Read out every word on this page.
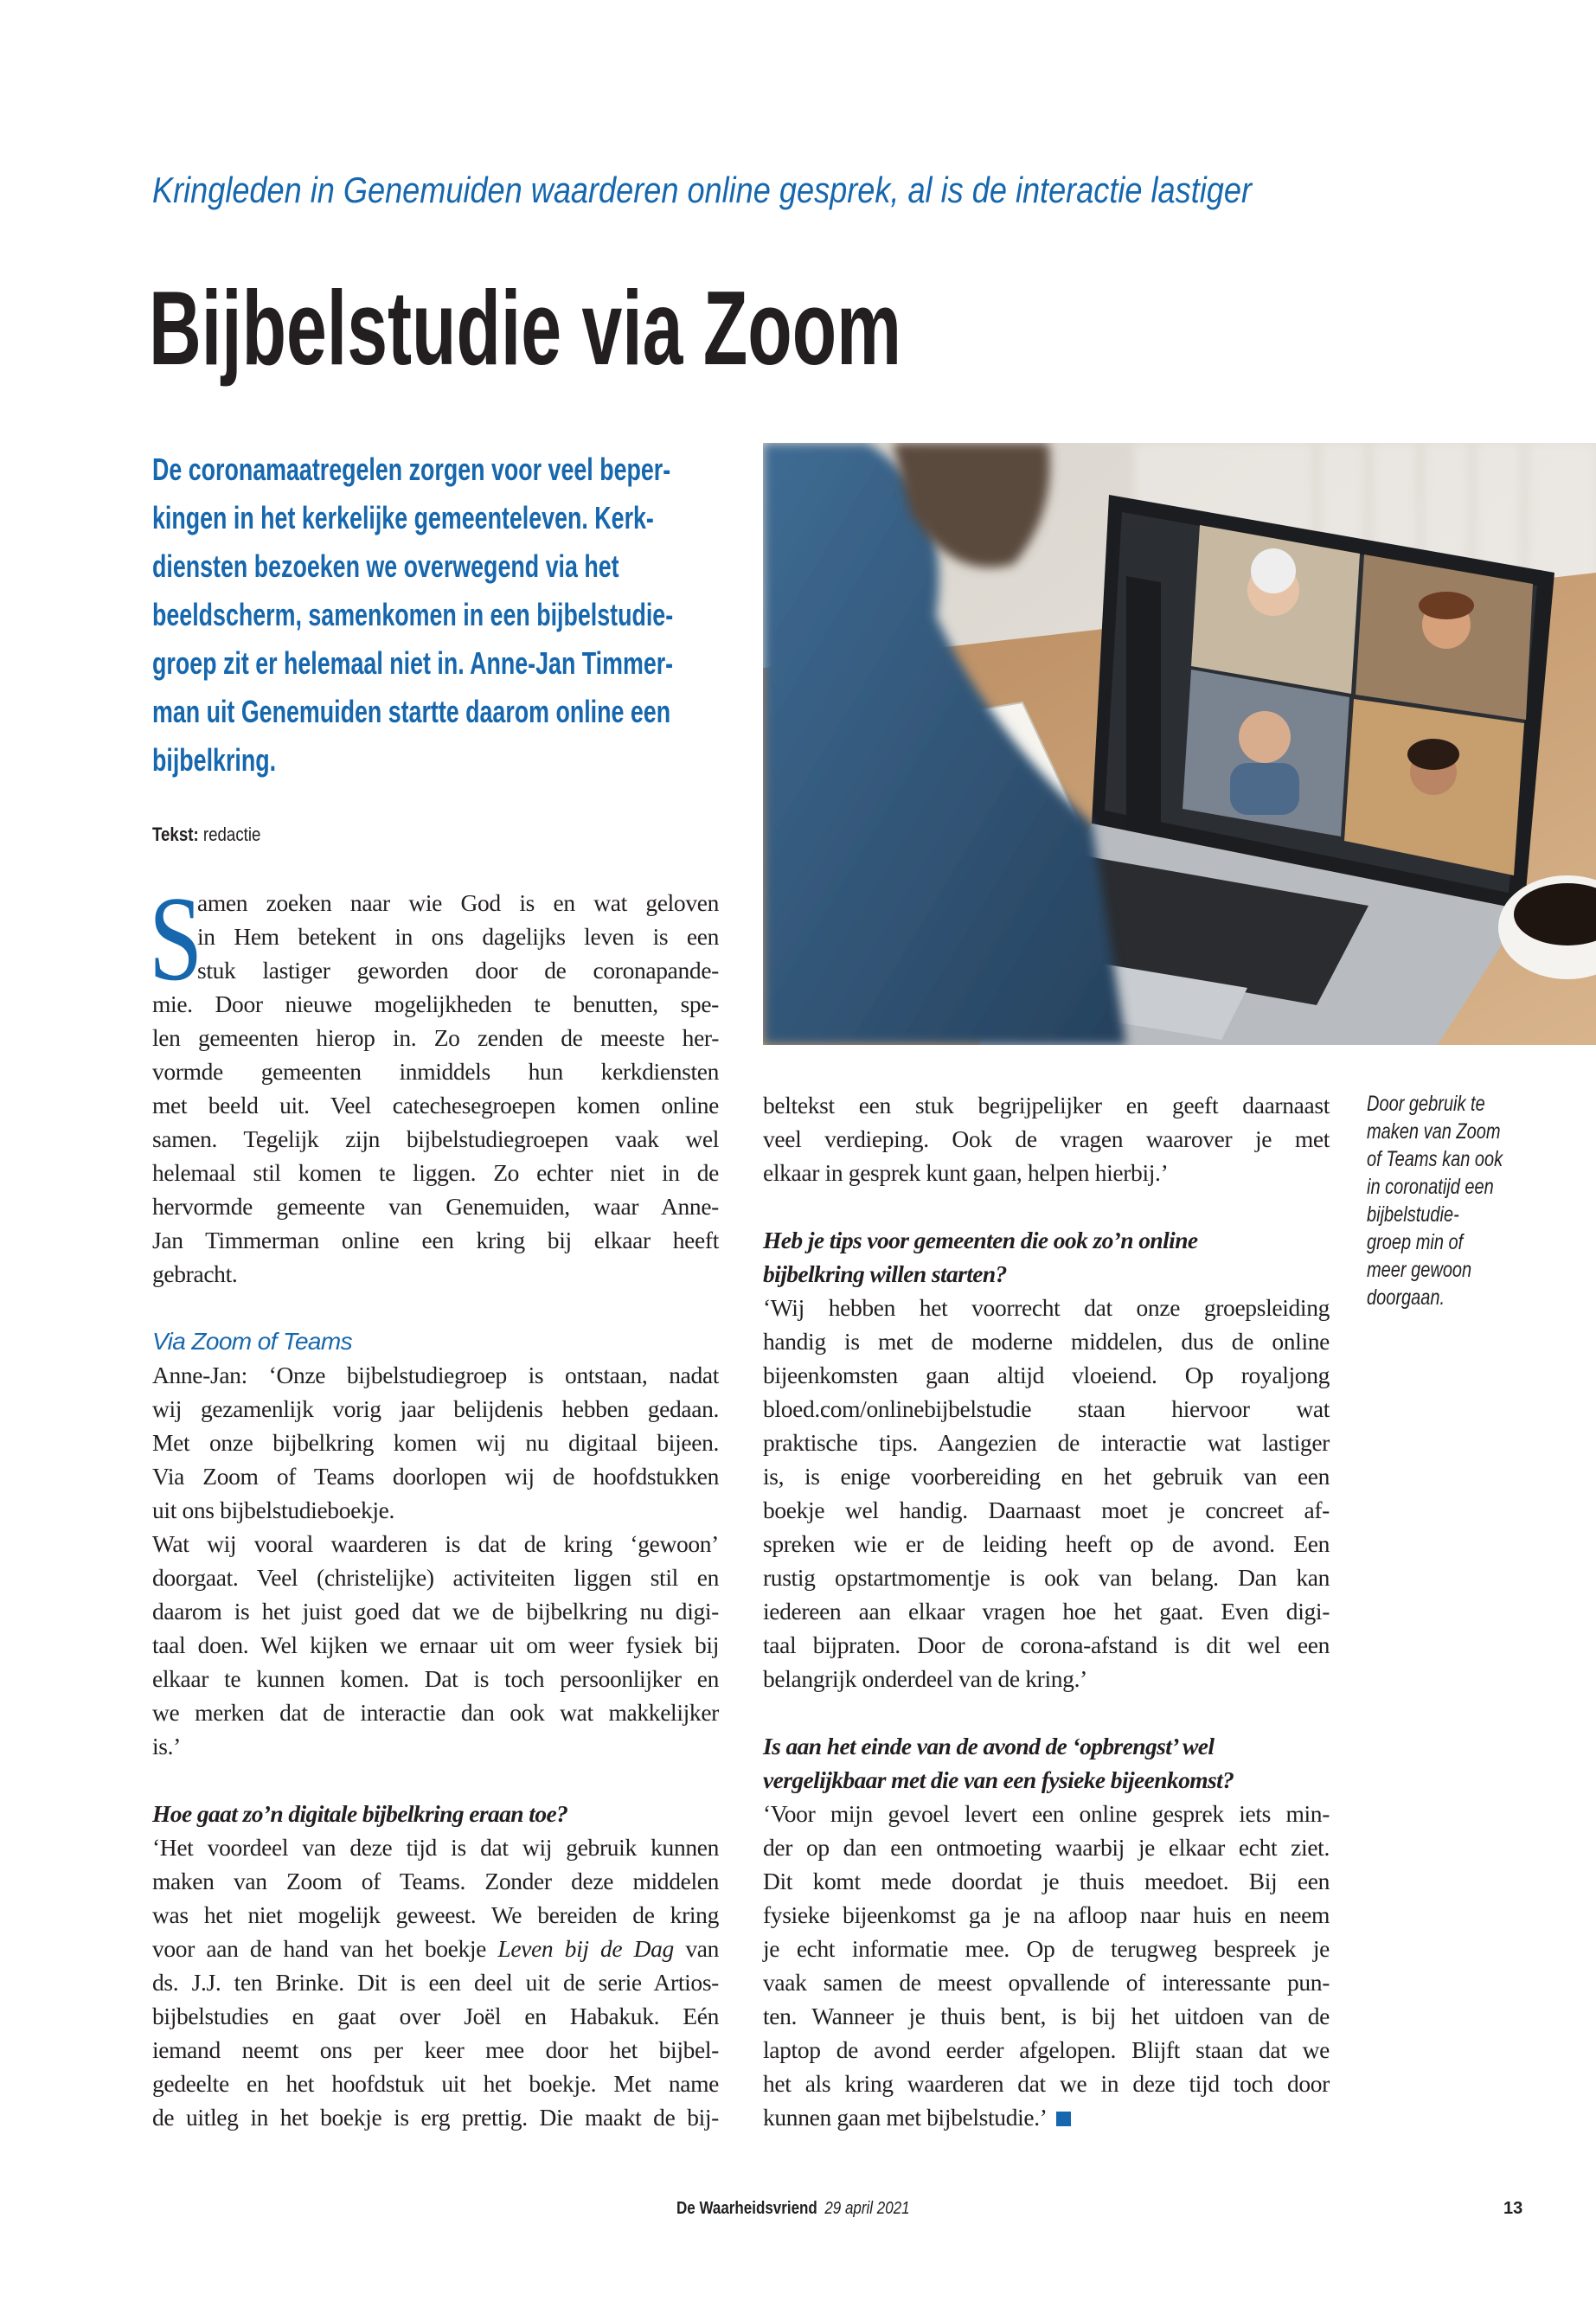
Kringleden in Genemuiden waarderen online gesprek, al is de interactie lastiger
Bijbelstudie via Zoom
De coronamaatregelen zorgen voor veel beper-
kingen in het kerkelijke gemeenteleven. Kerk-
diensten bezoeken we overwegend via het
beeldscherm, samenkomen in een bijbelstudie-
groep zit er helemaal niet in. Anne-Jan Timmer-
man uit Genemuiden startte daarom online een
bijbelkring.
Tekst: redactie
S
amen zoeken naar wie God is en wat geloven
in Hem betekent in ons dagelijks leven is een
stuk lastiger geworden door de coronapande-
mie. Door nieuwe mogelijkheden te benutten, spe-
len gemeenten hierop in. Zo zenden de meeste her-
vormde gemeenten inmiddels hun kerkdiensten
met beeld uit. Veel catechesegroepen komen online
samen. Tegelijk zijn bijbelstudiegroepen vaak wel
helemaal stil komen te liggen. Zo echter niet in de
hervormde gemeente van Genemuiden, waar Anne-
Jan Timmerman online een kring bij elkaar heeft
gebracht.
Via Zoom of Teams
Anne-Jan: ‘Onze bijbelstudiegroep is ontstaan, nadat
wij gezamenlijk vorig jaar belijdenis hebben gedaan.
Met onze bijbelkring komen wij nu digitaal bijeen.
Via Zoom of Teams doorlopen wij de hoofdstukken
uit ons bijbelstudieboekje.
Wat wij vooral waarderen is dat de kring ‘gewoon’
doorgaat. Veel (christelijke) activiteiten liggen stil en
daarom is het juist goed dat we de bijbelkring nu digi-
taal doen. Wel kijken we ernaar uit om weer fysiek bij
elkaar te kunnen komen. Dat is toch persoonlijker en
we merken dat de interactie dan ook wat makkelijker
is.’
Hoe gaat zo’n digitale bijbelkring eraan toe?
‘Het voordeel van deze tijd is dat wij gebruik kunnen
maken van Zoom of Teams. Zonder deze middelen
was het niet mogelijk geweest. We bereiden de kring
voor aan de hand van het boekje Leven bij de Dag van
ds. J.J. ten Brinke. Dit is een deel uit de serie Artios-
bijbelstudies en gaat over Joël en Habakuk. Eén
iemand neemt ons per keer mee door het bijbel-
gedeelte en het hoofdstuk uit het boekje. Met name
de uitleg in het boekje is erg prettig. Die maakt de bij-
beltekst een stuk begrijpelijker en geeft daarnaast
veel verdieping. Ook de vragen waarover je met
elkaar in gesprek kunt gaan, helpen hierbij.’
Heb je tips voor gemeenten die ook zo’n online
bijbelkring willen starten?
‘Wij hebben het voorrecht dat onze groepsleiding
handig is met de moderne middelen, dus de online
bijeenkomsten gaan altijd vloeiend. Op royaljong
bloed.com/onlinebijbelstudie staan hiervoor wat
praktische tips. Aangezien de interactie wat lastiger
is, is enige voorbereiding en het gebruik van een
boekje wel handig. Daarnaast moet je concreet af-
spreken wie er de leiding heeft op de avond. Een
rustig opstartmomentje is ook van belang. Dan kan
iedereen aan elkaar vragen hoe het gaat. Even digi-
taal bijpraten. Door de corona-afstand is dit wel een
belangrijk onderdeel van de kring.’
Is aan het einde van de avond de ‘opbrengst’ wel
vergelijkbaar met die van een fysieke bijeenkomst?
‘Voor mijn gevoel levert een online gesprek iets min-
der op dan een ontmoeting waarbij je elkaar echt ziet.
Dit komt mede doordat je thuis meedoet. Bij een
fysieke bijeenkomst ga je na afloop naar huis en neem
je echt informatie mee. Op de terugweg bespreek je
vaak samen de meest opvallende of interessante pun-
ten. Wanneer je thuis bent, is bij het uitdoen van de
laptop de avond eerder afgelopen. Blijft staan dat we
het als kring waarderen dat we in deze tijd toch door
kunnen gaan met bijbelstudie.’
Door gebruik te
maken van Zoom
of Teams kan ook
in coronatijd een
bijbelstudie-
groep min of
meer gewoon
doorgaan.
De Waarheidsvriend 29 april 2021	13
